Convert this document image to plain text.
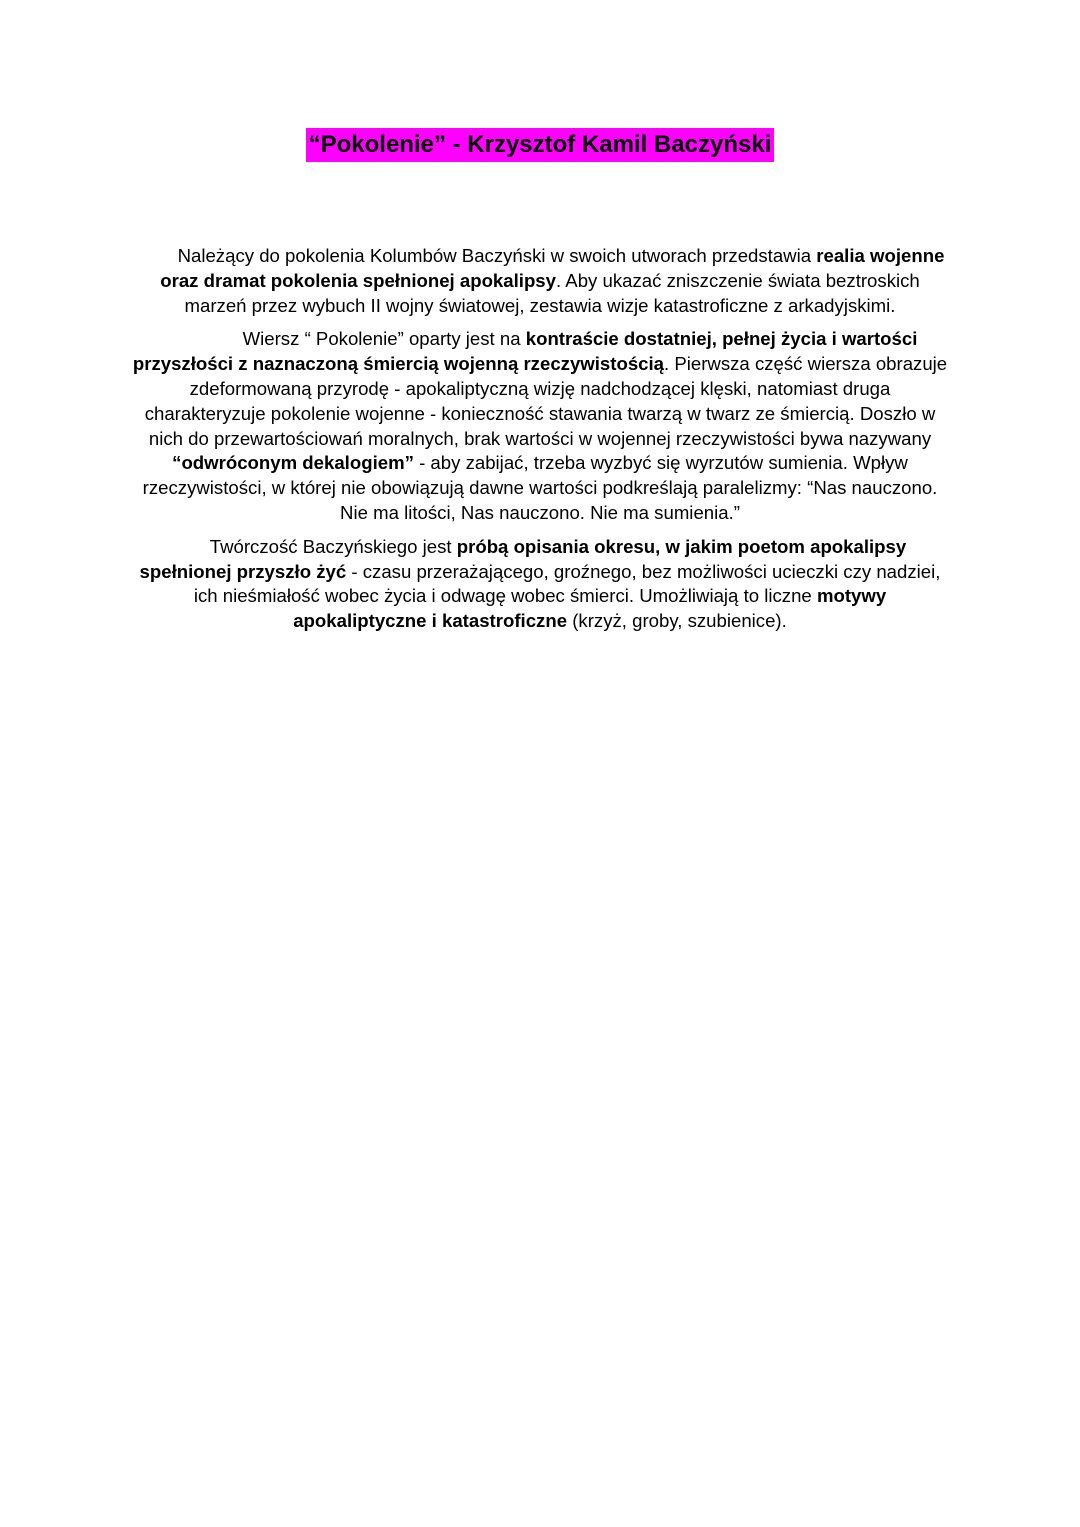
“Pokolenie” - Krzysztof Kamil Baczyński

Należący do pokolenia Kolumbów Baczyński w swoich utworach przedstawia realia wojenne oraz dramat pokolenia spełnionej apokalipsy. Aby ukazać zniszczenie świata beztroskich marzeń przez wybuch II wojny światowej, zestawia wizje katastroficzne z arkadyjskimi.

Wiersz “ Pokolenie” oparty jest na kontraście dostatniej, pełnej życia i wartości przyszłości z naznaczoną śmiercią wojenną rzeczywistością. Pierwsza część wiersza obrazuje zdeformowaną przyrodę - apokaliptyczną wizję nadchodzącej klęski, natomiast druga charakteryzuje pokolenie wojenne - konieczność stawania twarzą w twarz ze śmiercią. Doszło w nich do przewartościowań moralnych, brak wartości w wojennej rzeczywistości bywa nazywany “odwróconym dekalogiem” - aby zabijać, trzeba wyzbyć się wyrzutów sumienia. Wpływ rzeczywistości, w której nie obowiązują dawne wartości podkreślają paralelizmy: “Nas nauczono. Nie ma litości, Nas nauczono. Nie ma sumienia.”

Twórczość Baczyńskiego jest próbą opisania okresu, w jakim poetom apokalipsy spełnionej przyszło żyć - czasu przerażającego, groźnego, bez możliwości ucieczki czy nadziei, ich nieśmiałość wobec życia i odwagę wobec śmierci. Umożliwiają to liczne motywy apokaliptyczne i katastroficzne (krzyż, groby, szubienice).
